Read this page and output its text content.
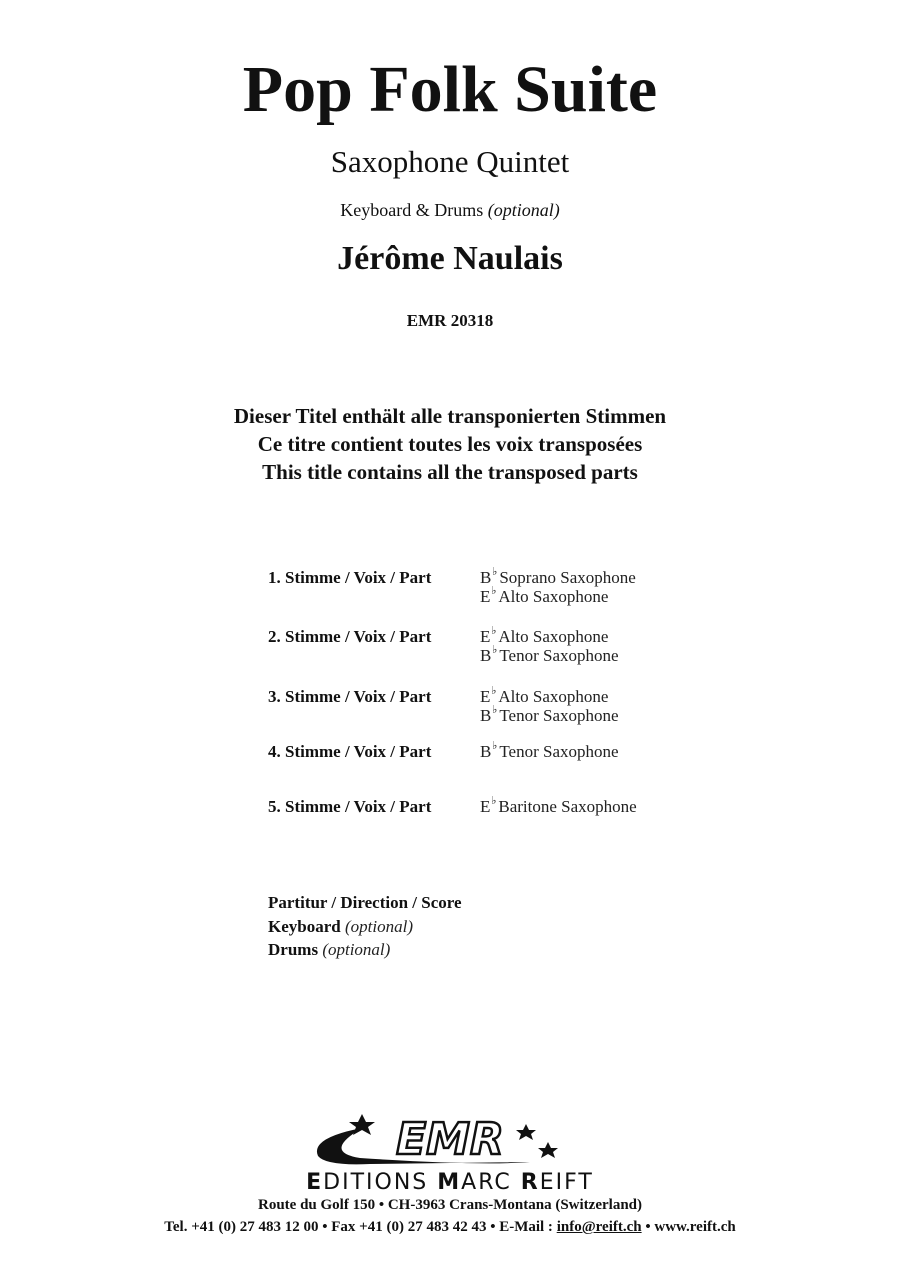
Pop Folk Suite
Saxophone Quintet
Keyboard & Drums (optional)
Jérôme Naulais
EMR 20318
Dieser Titel enthält alle transponierten Stimmen
Ce titre contient toutes les voix transposées
This title contains all the transposed parts
1. Stimme / Voix / Part	B ♭ Soprano Saxophone
E ♭ Alto Saxophone
2. Stimme / Voix / Part	E ♭ Alto Saxophone
B ♭ Tenor Saxophone
3. Stimme / Voix / Part	E ♭ Alto Saxophone
B ♭ Tenor Saxophone
4. Stimme / Voix / Part	B ♭ Tenor Saxophone
5. Stimme / Voix / Part	E ♭ Baritone Saxophone
Partitur / Direction / Score
Keyboard (optional)
Drums (optional)
EMR
EDITIONS MARC REIFT
Route du Golf 150 • CH-3963 Crans-Montana (Switzerland)
Tel. +41 (0) 27 483 12 00 • Fax +41 (0) 27 483 42 43 • E-Mail : info@reift.ch • www.reift.ch
